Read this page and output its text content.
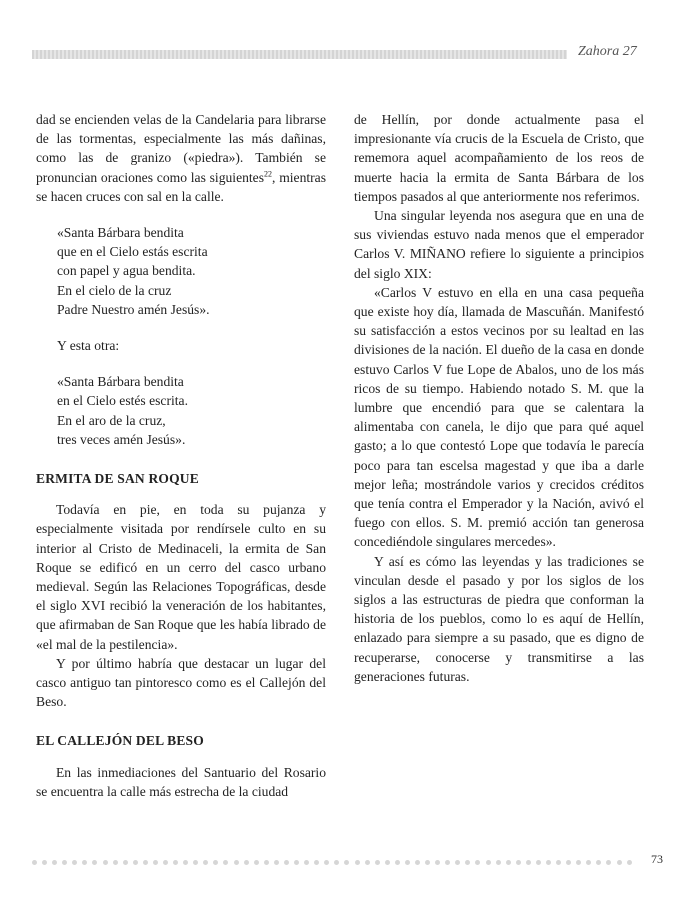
Zahora 27

dad se encienden velas de la Candelaria para librarse de las tormentas, especialmente las más dañinas, como las de granizo («piedra»). También se pronuncian oraciones como las siguientes$^{22}$, mientras se hacen cruces con sal en la calle.

«Santa Bárbara bendita
que en el Cielo estás escrita
con papel y agua bendita.
En el cielo de la cruz
Padre Nuestro amén Jesús».
Y esta otra:
«Santa Bárbara bendita
en el Cielo estés escrita.
En el aro de la cruz,
tres veces amén Jesús».
ERMITA DE SAN ROQUE

Todavía en pie, en toda su pujanza y especialmente visitada por rendírsele culto en su interior al Cristo de Medinaceli, la ermita de San Roque se edificó en un cerro del casco urbano medieval. Según las Relaciones Topográficas, desde el siglo XVI recibió la veneración de los habitantes, que afirmaban de San Roque que les había librado de «el mal de la pestilencia».

Y por último habría que destacar un lugar del casco antiguo tan pintoresco como es el Callejón del Beso.

EL CALLEJÓN DEL BESO

En las inmediaciones del Santuario del Rosario se encuentra la calle más estrecha de la ciudad

de Hellín, por donde actualmente pasa el impresionante vía crucis de la Escuela de Cristo, que rememora aquel acompañamiento de los reos de muerte hacia la ermita de Santa Bárbara de los tiempos pasados al que anteriormente nos referimos.

Una singular leyenda nos asegura que en una de sus viviendas estuvo nada menos que el emperador Carlos V. MIÑANO refiere lo siguiente a principios del siglo XIX:

«Carlos V estuvo en ella en una casa pequeña que existe hoy día, llamada de Mascuñán. Manifestó su satisfacción a estos vecinos por su lealtad en las divisiones de la nación. El dueño de la casa en donde estuvo Carlos V fue Lope de Abalos, uno de los más ricos de su tiempo. Habiendo notado S. M. que la lumbre que encendió para que se calentara la alimentaba con canela, le dijo que para qué aquel gasto; a lo que contestó Lope que todavía le parecía poco para tan escelsa magestad y que iba a darle mejor leña; mostrándole varios y crecidos créditos que tenía contra el Emperador y la Nación, avivó el fuego con ellos. S. M. premió acción tan generosa concediéndole singulares mercedes».

Y así es cómo las leyendas y las tradiciones se vinculan desde el pasado y por los siglos de los siglos a las estructuras de piedra que conforman la historia de los pueblos, como lo es aquí de Hellín, enlazado para siempre a su pasado, que es digno de recuperarse, conocerse y transmitirse a las generaciones futuras.

73
